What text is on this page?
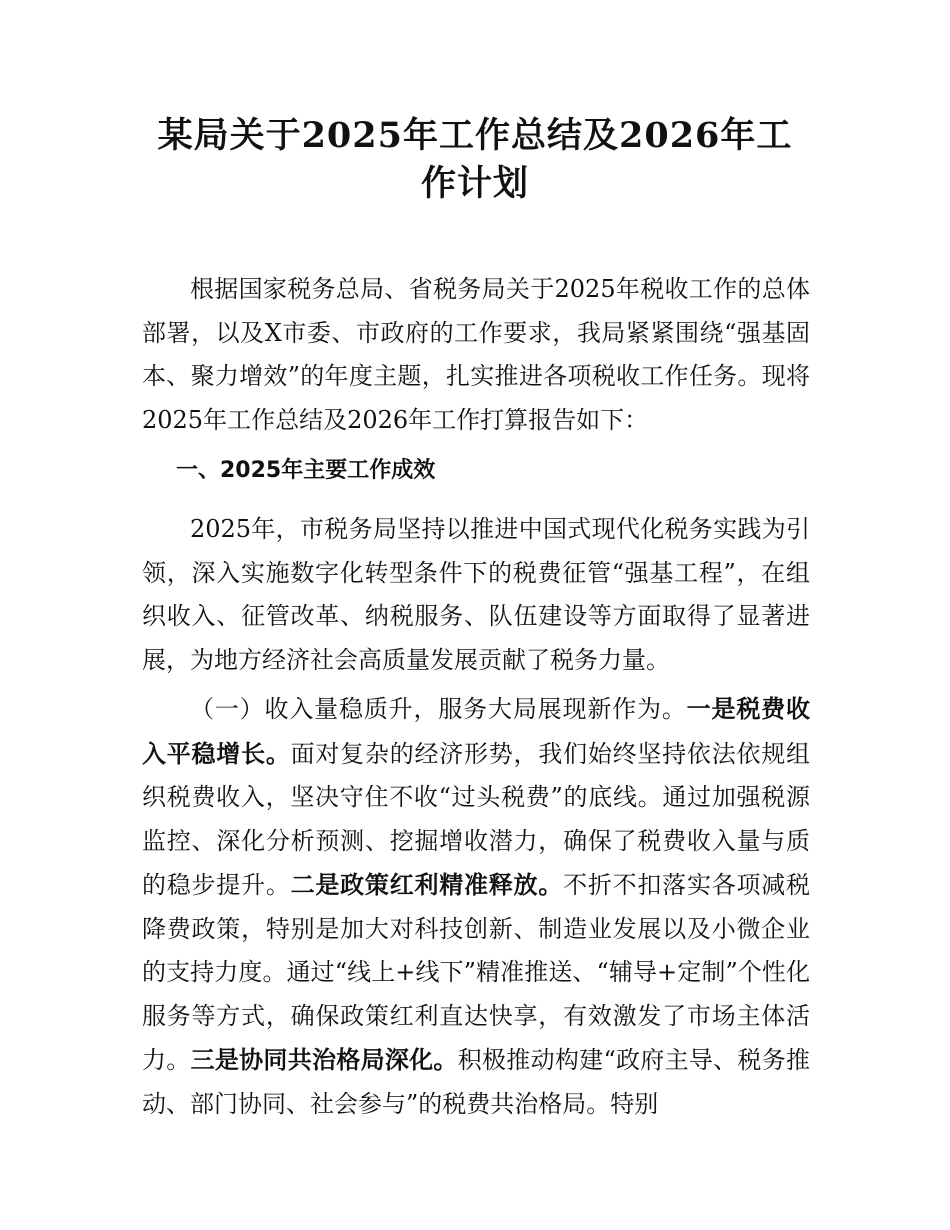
某局关于2025年工作总结及2026年工作计划

根据国家税务总局、省税务局关于2025年税收工作的总体部署，以及X市委、市政府的工作要求，我局紧紧围绕“强基固本、聚力增效”的年度主题，扎实推进各项税收工作任务。现将2025年工作总结及2026年工作打算报告如下：

一、2025年主要工作成效

2025年，市税务局坚持以推进中国式现代化税务实践为引领，深入实施数字化转型条件下的税费征管“强基工程”，在组织收入、征管改革、纳税服务、队伍建设等方面取得了显著进展，为地方经济社会高质量发展贡献了税务力量。

（一）收入量稳质升，服务大局展现新作为。一是税费收入平稳增长。面对复杂的经济形势，我们始终坚持依法依规组织税费收入，坚决守住不收“过头税费”的底线。通过加强税源监控、深化分析预测、挖掘增收潜力，确保了税费收入量与质的稳步提升。二是政策红利精准释放。不折不扣落实各项减税降费政策，特别是加大对科技创新、制造业发展以及小微企业的支持力度。通过“线上+线下”精准推送、“辅导+定制”个性化服务等方式，确保政策红利直达快享，有效激发了市场主体活力。三是协同共治格局深化。积极推动构建“政府主导、税务推动、部门协同、社会参与”的税费共治格局。特别
